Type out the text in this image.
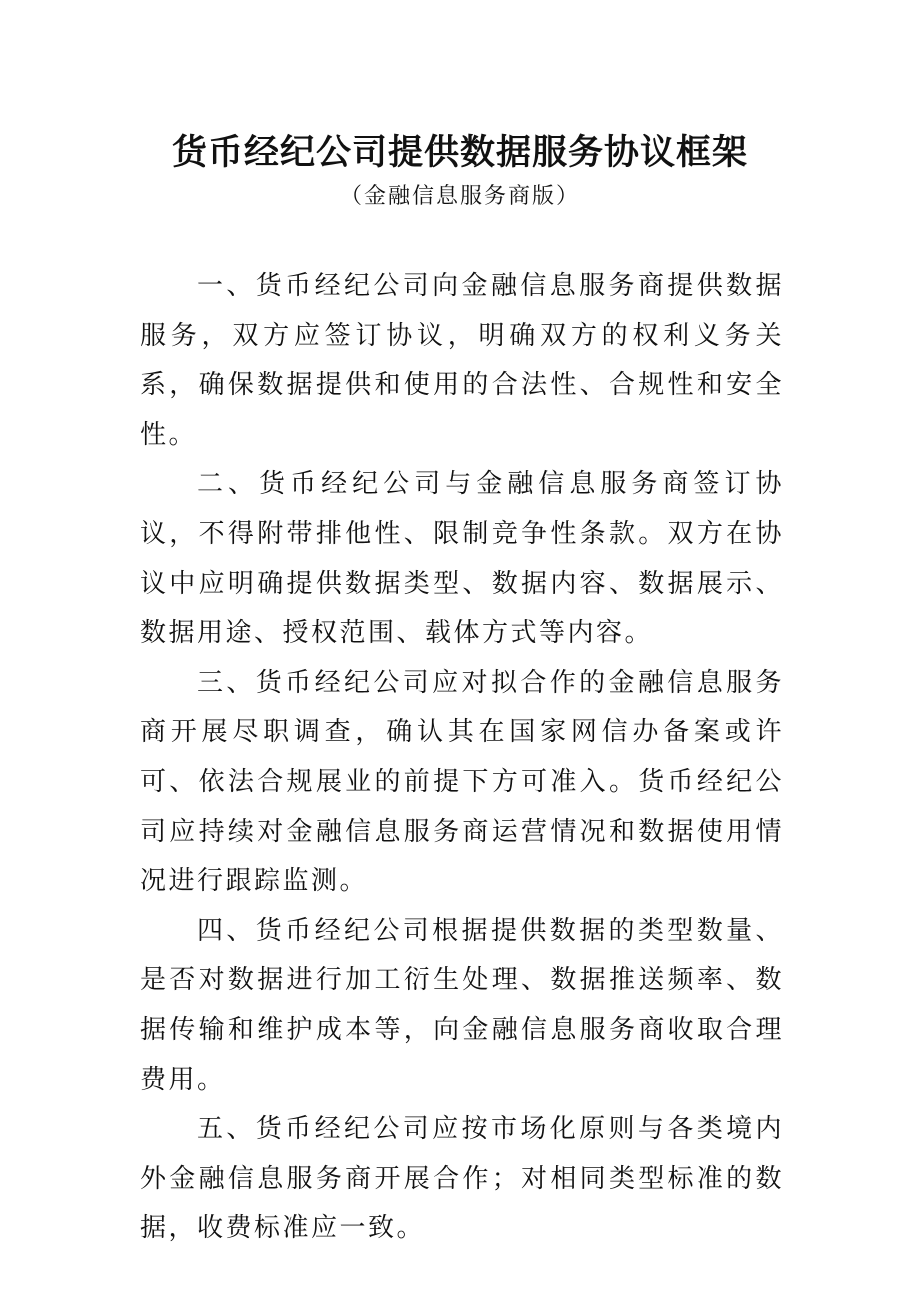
货币经纪公司提供数据服务协议框架
（金融信息服务商版）

一、货币经纪公司向金融信息服务商提供数据服务，双方应签订协议，明确双方的权利义务关系，确保数据提供和使用的合法性、合规性和安全性。

二、货币经纪公司与金融信息服务商签订协议，不得附带排他性、限制竞争性条款。双方在协议中应明确提供数据类型、数据内容、数据展示、数据用途、授权范围、载体方式等内容。

三、货币经纪公司应对拟合作的金融信息服务商开展尽职调查，确认其在国家网信办备案或许可、依法合规展业的前提下方可准入。货币经纪公司应持续对金融信息服务商运营情况和数据使用情况进行跟踪监测。

四、货币经纪公司根据提供数据的类型数量、是否对数据进行加工衍生处理、数据推送频率、数据传输和维护成本等，向金融信息服务商收取合理费用。

五、货币经纪公司应按市场化原则与各类境内外金融信息服务商开展合作；对相同类型标准的数据，收费标准应一致。
